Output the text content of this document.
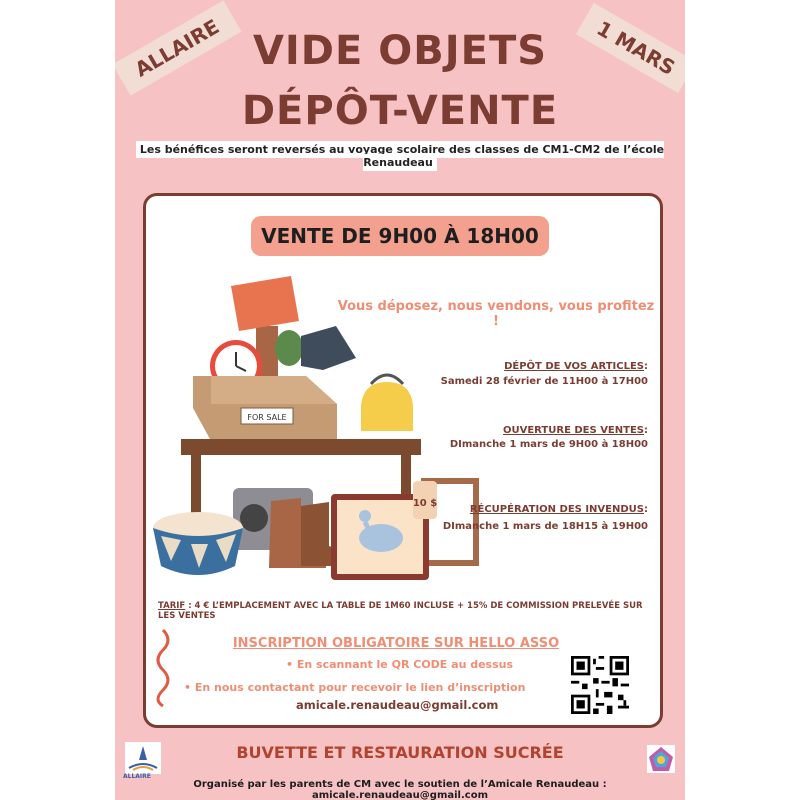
ALLAIRE	1 MARS
VIDE OBJETS
DÉPÔT-VENTE
Les bénéfices seront reversés au voyage scolaire des classes de CM1-CM2 de l’école Renaudeau
VENTE DE 9H00 À 18H00
FOR SALE
10 $
Vous déposez, nous vendons, vous profitez !
DÉPÔT DE VOS ARTICLES:
Samedi 28 février de 11H00 à 17H00
OUVERTURE DES VENTES:
DImanche 1 mars de 9H00 à 18H00
RÉCUPÉRATION DES INVENDUS:
DImanche 1 mars de 18H15 à 19H00
TARIF : 4 € L’EMPLACEMENT AVEC LA TABLE DE 1M60 INCLUSE + 15% DE COMMISSION PRELEVÉE SUR LES VENTES
INSCRIPTION OBLIGATOIRE SUR HELLO ASSO
• En scannant le QR CODE au dessus
• En nous contactant pour recevoir le lien d’inscription
amicale.renaudeau@gmail.com
ALLAIRE
BUVETTE ET RESTAURATION SUCRÉE
Organisé par les parents de CM avec le soutien de l’Amicale Renaudeau : amicale.renaudeau@gmail.com
